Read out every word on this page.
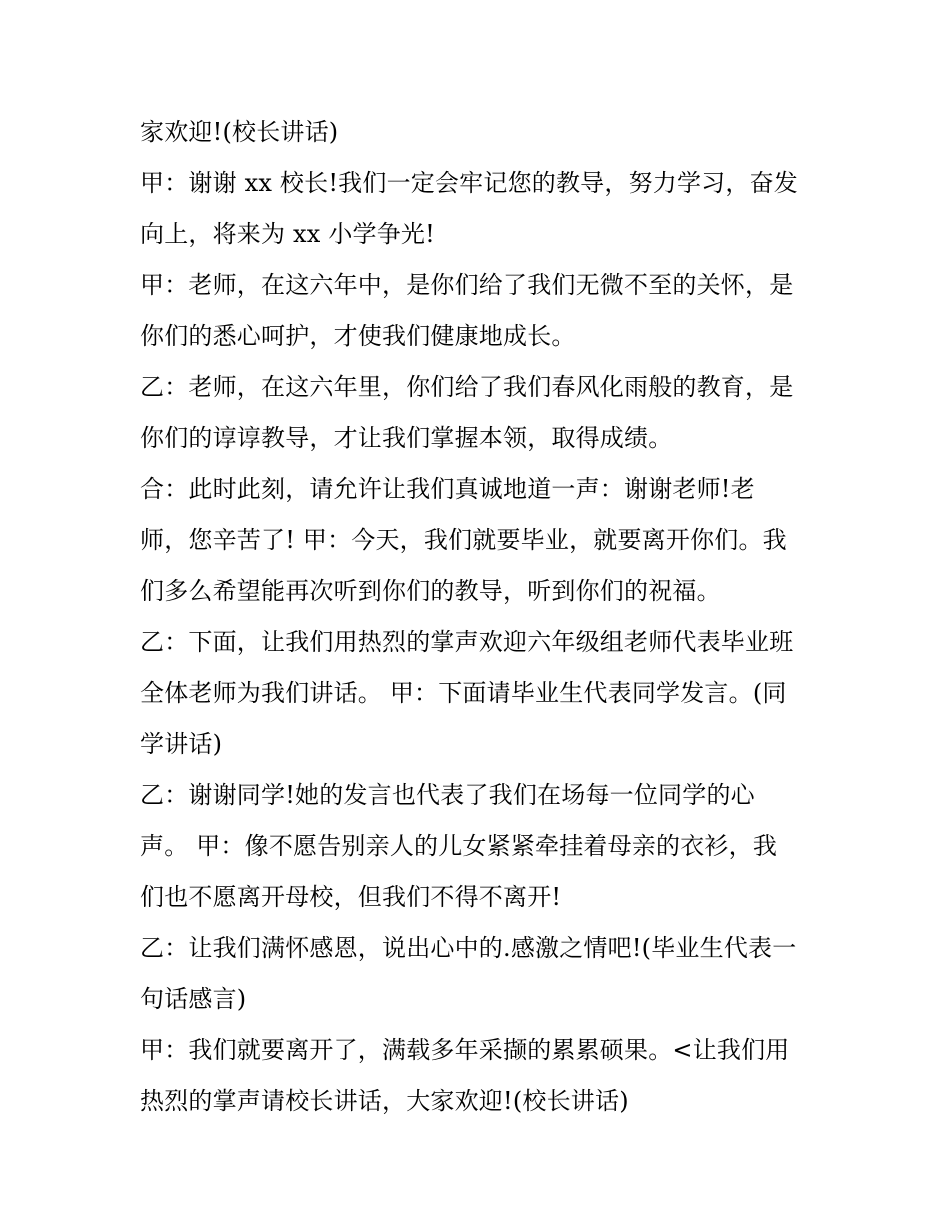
家欢迎!(校长讲话)
甲：谢谢 xx 校长!我们一定会牢记您的教导，努力学习，奋发
向上，将来为 xx 小学争光!
甲：老师，在这六年中，是你们给了我们无微不至的关怀，是
你们的悉心呵护，才使我们健康地成长。
乙：老师，在这六年里，你们给了我们春风化雨般的教育，是
你们的谆谆教导，才让我们掌握本领，取得成绩。
合：此时此刻，请允许让我们真诚地道一声：谢谢老师!老
师，您辛苦了! 甲：今天，我们就要毕业，就要离开你们。我
们多么希望能再次听到你们的教导，听到你们的祝福。
乙：下面，让我们用热烈的掌声欢迎六年级组老师代表毕业班
全体老师为我们讲话。 甲：下面请毕业生代表同学发言。(同
学讲话)
乙：谢谢同学!她的发言也代表了我们在场每一位同学的心
声。 甲：像不愿告别亲人的儿女紧紧牵挂着母亲的衣衫，我
们也不愿离开母校，但我们不得不离开!
乙：让我们满怀感恩，说出心中的.感激之情吧!(毕业生代表一
句话感言)
甲：我们就要离开了，满载多年采撷的累累硕果。<让我们用
热烈的掌声请校长讲话，大家欢迎!(校长讲话)
